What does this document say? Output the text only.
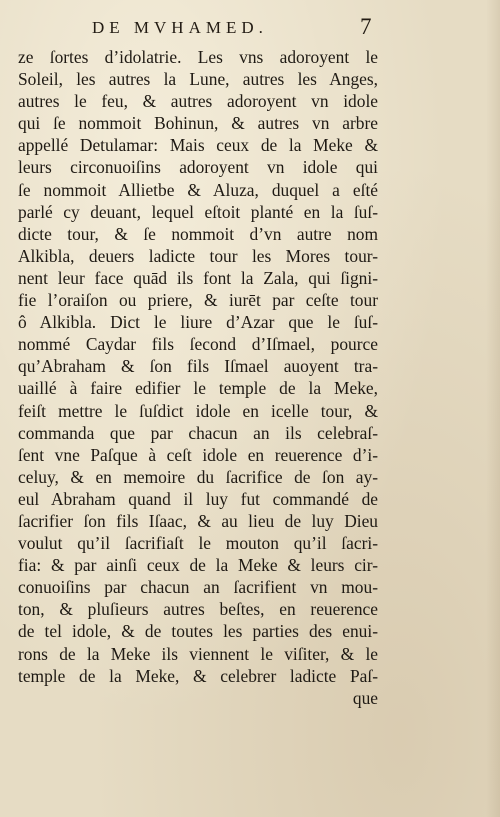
DE MVHAMED.	7
ze ſortes d’idolatrie. Les vns adoroyent le
Soleil, les autres la Lune, autres les Anges,
autres le feu, & autres adoroyent vn idole
qui ſe nommoit Bohinun, & autres vn arbre
appellé Detulamar: Mais ceux de la Meke &
leurs circonuoiſins adoroyent vn idole qui
ſe nommoit Allietbe & Aluza, duquel a eſté
parlé cy deuant, lequel eſtoit planté en la ſuſ-
dicte tour, & ſe nommoit d’vn autre nom
Alkibla, deuers ladicte tour les Mores tour-
nent leur face quād ils font la Zala, qui ſigni-
fie l’oraiſon ou priere, & iurēt par ceſte tour
ô Alkibla. Dict le liure d’Azar que le ſuſ-
nommé Caydar fils ſecond d’Iſmael, pource
qu’Abraham & ſon fils Iſmael auoyent tra-
uaillé à faire edifier le temple de la Meke,
feiſt mettre le ſuſdict idole en icelle tour, &
commanda que par chacun an ils celebraſ-
ſent vne Paſque à ceſt idole en reuerence d’i-
celuy, & en memoire du ſacrifice de ſon ay-
eul Abraham quand il luy fut commandé de
ſacrifier ſon fils Iſaac, & au lieu de luy Dieu
voulut qu’il ſacrifiaſt le mouton qu’il ſacri-
fia: & par ainſi ceux de la Meke & leurs cir-
conuoiſins par chacun an ſacrifient vn mou-
ton, & pluſieurs autres beſtes, en reuerence
de tel idole, & de toutes les parties des enui-
rons de la Meke ils viennent le viſiter, & le
temple de la Meke, & celebrer ladicte Paſ-
que
